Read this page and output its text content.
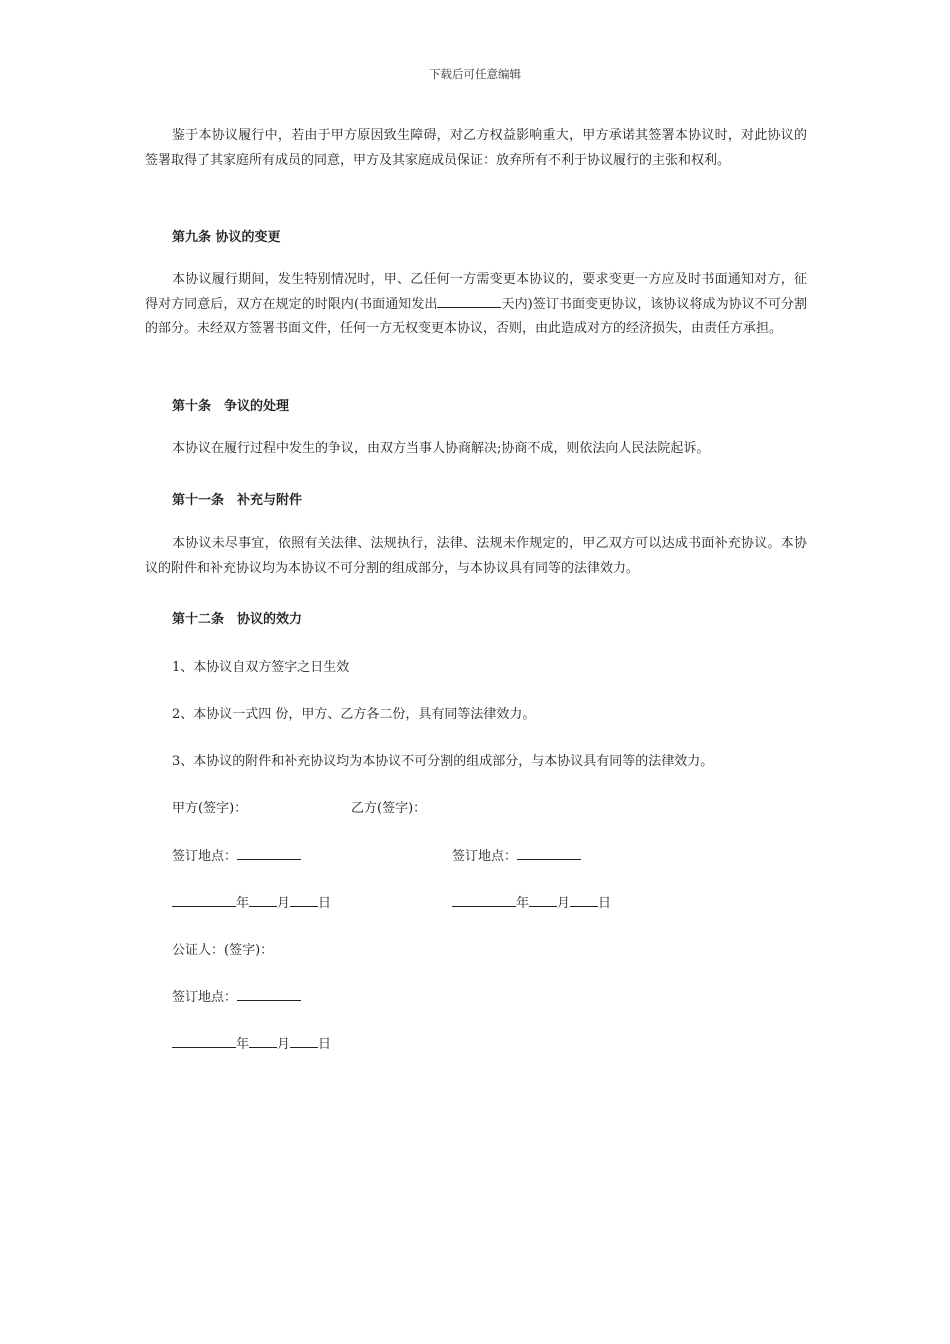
下载后可任意编辑
鉴于本协议履行中，若由于甲方原因致生障碍，对乙方权益影响重大，甲方承诺其签署本协议时，对此协议的签署取得了其家庭所有成员的同意，甲方及其家庭成员保证：放弃所有不利于协议履行的主张和权利。
第九条 协议的变更
本协议履行期间，发生特别情况时，甲、乙任何一方需变更本协议的，要求变更一方应及时书面通知对方，征得对方同意后，双方在规定的时限内(书面通知发出	天内)签订书面变更协议，该协议将成为协议不可分割的部分。未经双方签署书面文件，任何一方无权变更本协议，否则，由此造成对方的经济损失，由责任方承担。
第十条　争议的处理
本协议在履行过程中发生的争议，由双方当事人协商解决;协商不成，则依法向人民法院起诉。
第十一条　补充与附件
本协议未尽事宜，依照有关法律、法规执行，法律、法规未作规定的，甲乙双方可以达成书面补充协议。本协议的附件和补充协议均为本协议不可分割的组成部分，与本协议具有同等的法律效力。
第十二条　协议的效力
1、本协议自双方签字之日生效
2、本协议一式四 份，甲方、乙方各二份，具有同等法律效力。
3、本协议的附件和补充协议均为本协议不可分割的组成部分，与本协议具有同等的法律效力。
甲方(签字)：	乙方(签字)：
签订地点：	签订地点：
年 月 日	年 月 日
公证人：(签字)：
签订地点：
年 月 日
